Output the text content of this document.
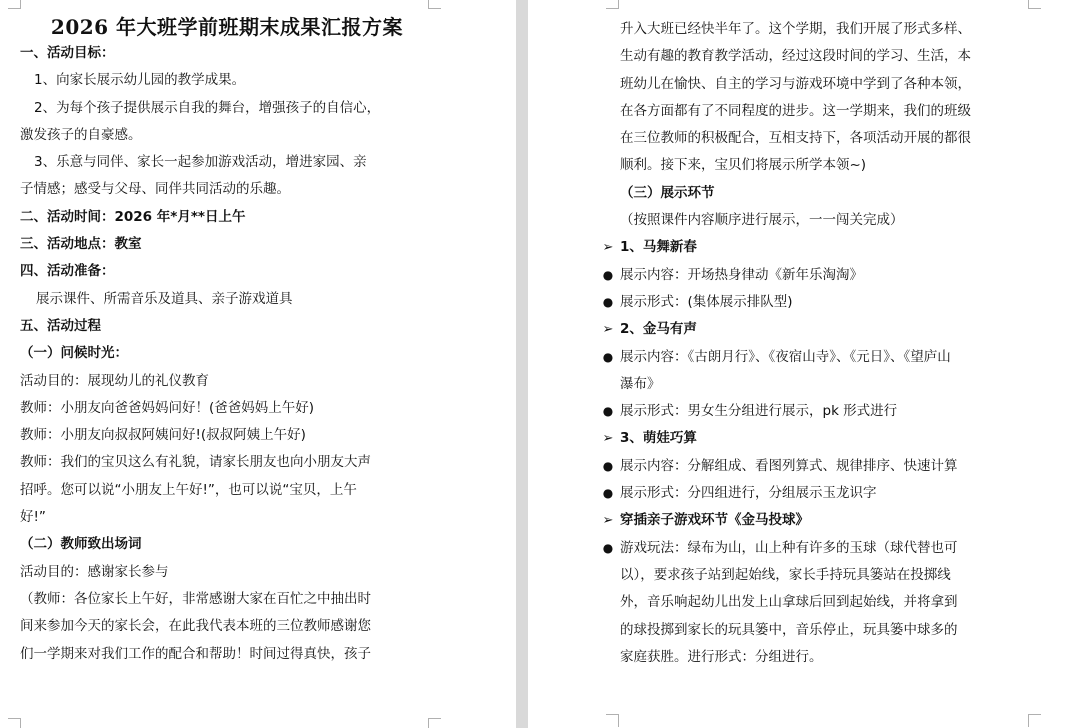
2026 年大班学前班期末成果汇报方案
一、活动目标：
1、向家长展示幼儿园的教学成果。
2、为每个孩子提供展示自我的舞台，增强孩子的自信心，
激发孩子的自豪感。
3、乐意与同伴、家长一起参加游戏活动，增进家园、亲
子情感；感受与父母、同伴共同活动的乐趣。
二、活动时间：2026 年*月**日上午
三、活动地点：教室
四、活动准备：
展示课件、所需音乐及道具、亲子游戏道具
五、活动过程
（一）问候时光：
活动目的：展现幼儿的礼仪教育
教师：小朋友向爸爸妈妈问好！(爸爸妈妈上午好)
教师：小朋友向叔叔阿姨问好!(叔叔阿姨上午好)
教师：我们的宝贝这么有礼貌，请家长朋友也向小朋友大声
招呼。您可以说“小朋友上午好!”，也可以说“宝贝，上午
好!”
（二）教师致出场词
活动目的：感谢家长参与
（教师：各位家长上午好，非常感谢大家在百忙之中抽出时
间来参加今天的家长会，在此我代表本班的三位教师感谢您
们一学期来对我们工作的配合和帮助！时间过得真快，孩子
升入大班已经快半年了。这个学期，我们开展了形式多样、
生动有趣的教育教学活动，经过这段时间的学习、生活，本
班幼儿在愉快、自主的学习与游戏环境中学到了各种本领，
在各方面都有了不同程度的进步。这一学期来，我们的班级
在三位教师的积极配合，互相支持下，各项活动开展的都很
顺利。接下来，宝贝们将展示所学本领~)
（三）展示环节
（按照课件内容顺序进行展示，一一闯关完成）
➢ 1、马舞新春
● 展示内容：开场热身律动《新年乐淘淘》
● 展示形式：(集体展示排队型)
➢ 2、金马有声
● 展示内容：《古朗月行》、《夜宿山寺》、《元日》、《望庐山
瀑布》
● 展示形式：男女生分组进行展示，pk 形式进行
➢ 3、萌娃巧算
● 展示内容：分解组成、看图列算式、规律排序、快速计算
● 展示形式：分四组进行，分组展示玉龙识字
➢ 穿插亲子游戏环节《金马投球》
● 游戏玩法：绿布为山，山上种有许多的玉球（球代替也可
以），要求孩子站到起始线，家长手持玩具篓站在投掷线
外，音乐响起幼儿出发上山拿球后回到起始线，并将拿到
的球投掷到家长的玩具篓中，音乐停止，玩具篓中球多的
家庭获胜。进行形式：分组进行。
